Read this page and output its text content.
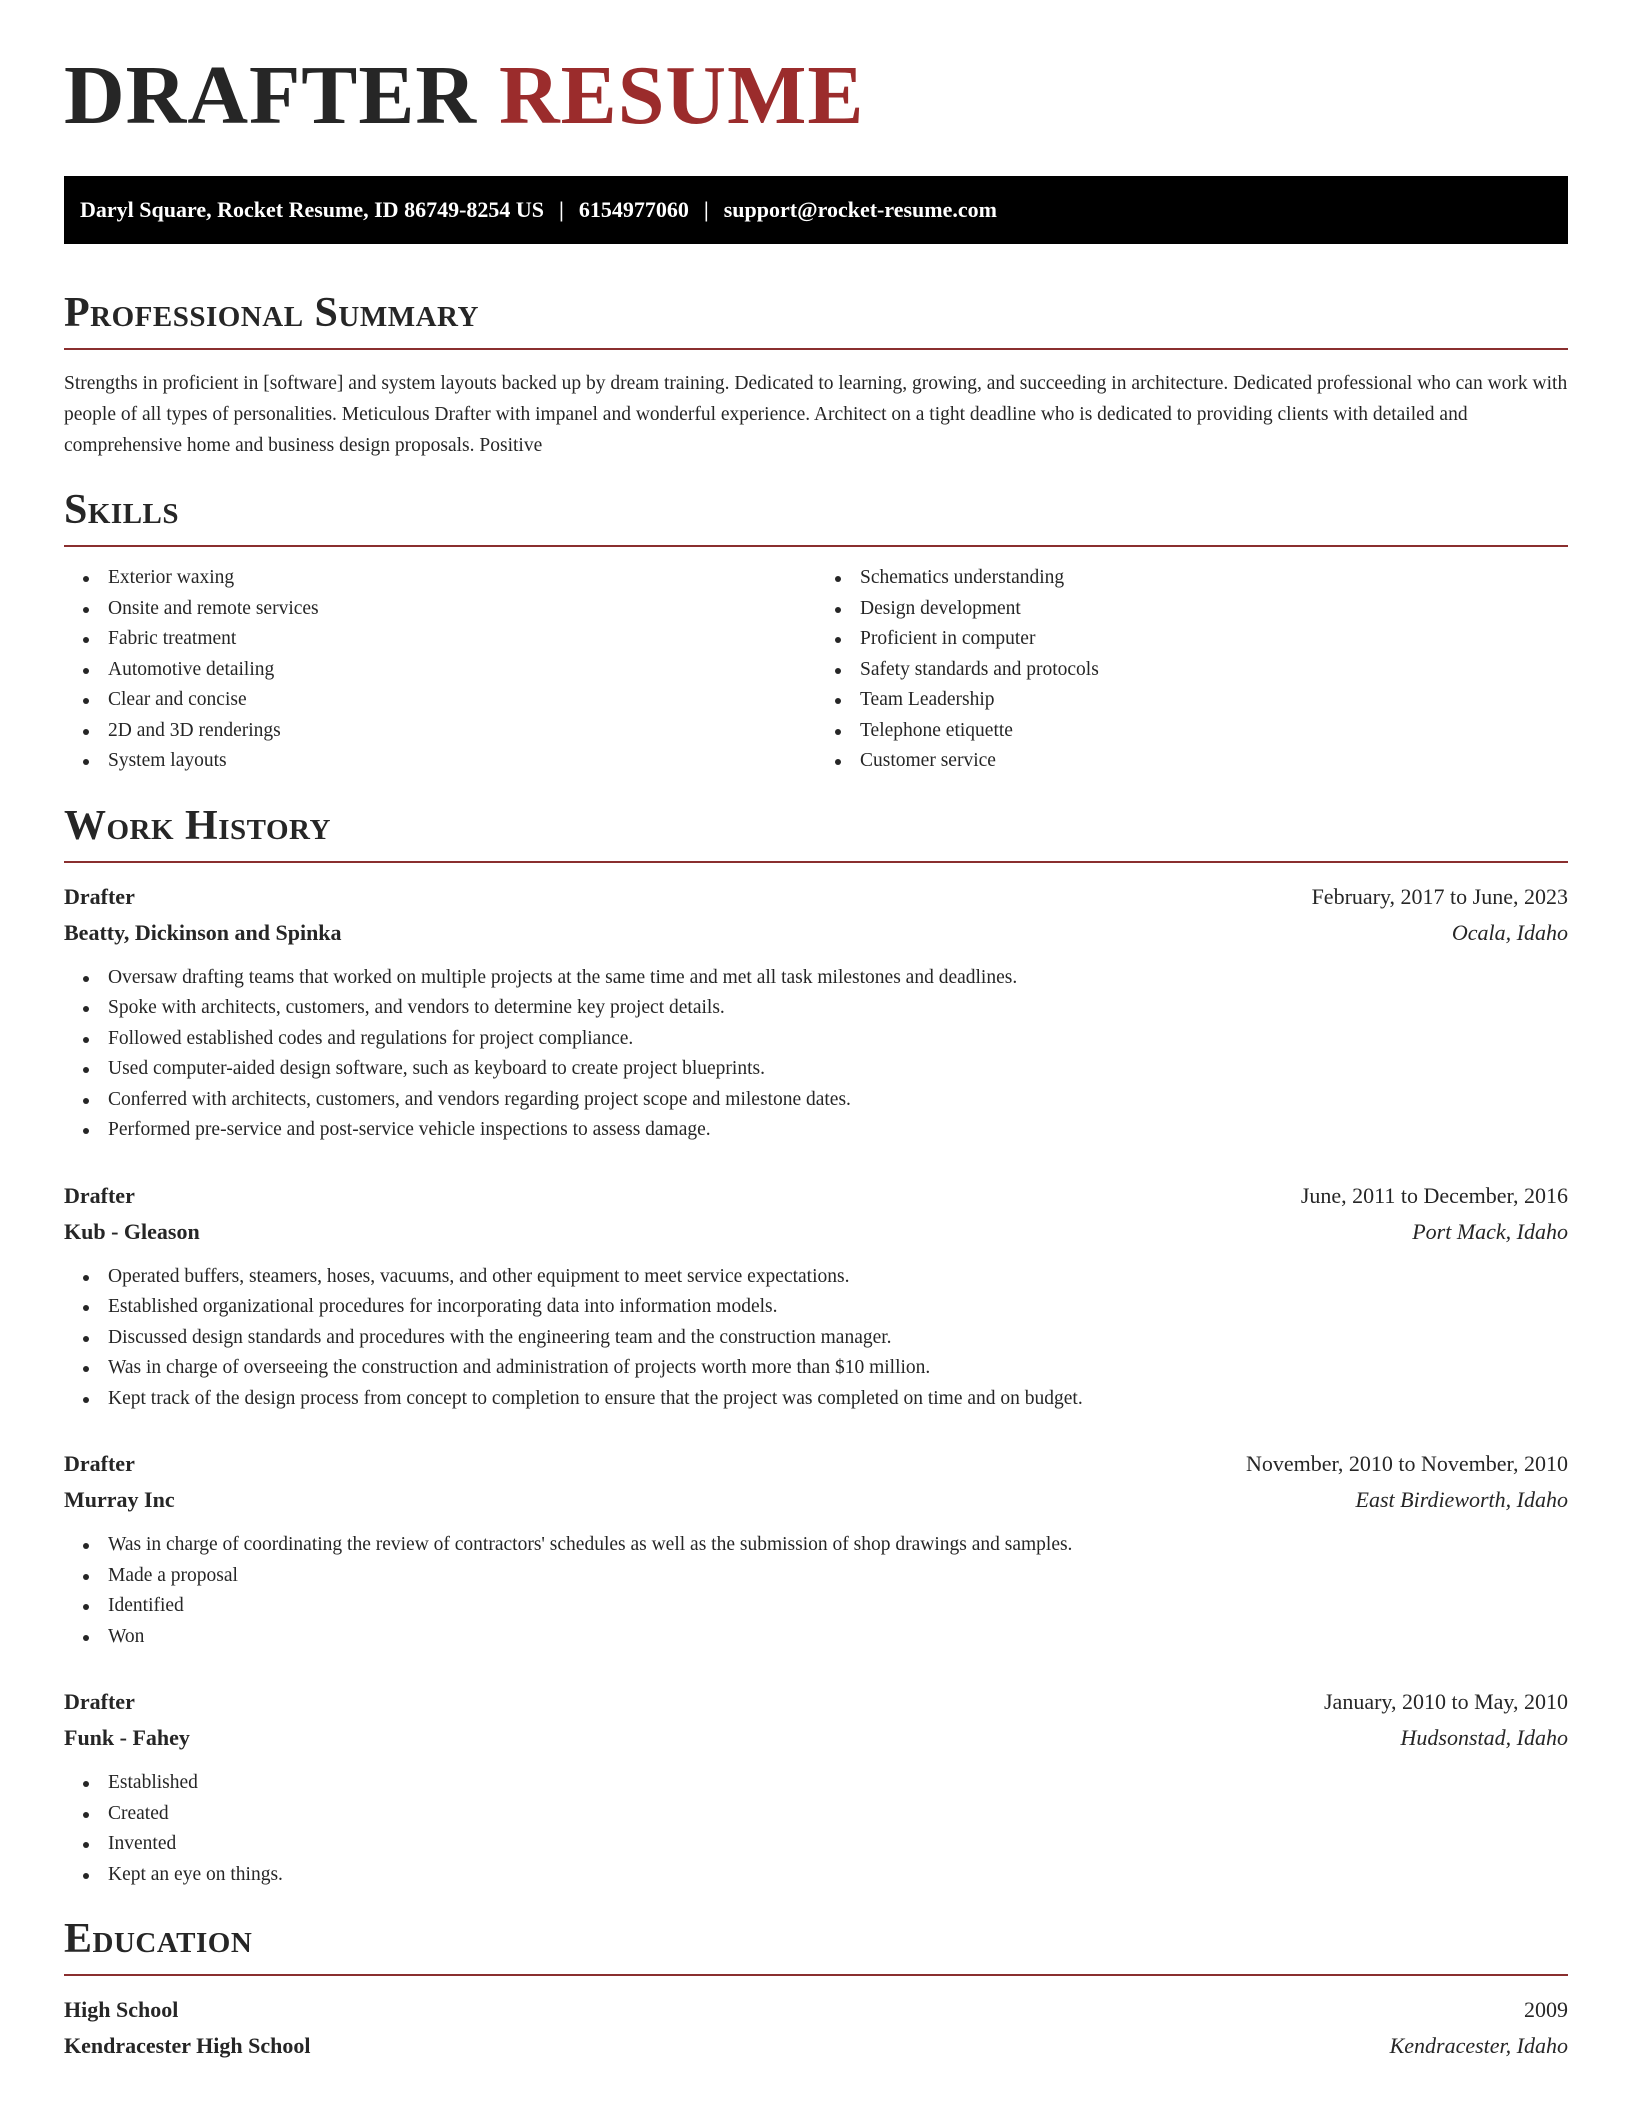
DRAFTER RESUME
Daryl Square, Rocket Resume, ID 86749-8254 US | 6154977060 | support@rocket-resume.com
Professional Summary

Strengths in proficient in [software] and system layouts backed up by dream training. Dedicated to learning, growing, and succeeding in architecture. Dedicated professional who can work with people of all types of personalities. Meticulous Drafter with impanel and wonderful experience. Architect on a tight deadline who is dedicated to providing clients with detailed and comprehensive home and business design proposals. Positive

Skills
Exterior waxing
Onsite and remote services
Fabric treatment
Automotive detailing
Clear and concise
2D and 3D renderings
System layouts
Schematics understanding
Design development
Proficient in computer
Safety standards and protocols
Team Leadership
Telephone etiquette
Customer service
Work History
Drafter	February, 2017 to June, 2023
Beatty, Dickinson and Spinka	Ocala, Idaho
Oversaw drafting teams that worked on multiple projects at the same time and met all task milestones and deadlines.
Spoke with architects, customers, and vendors to determine key project details.
Followed established codes and regulations for project compliance.
Used computer-aided design software, such as keyboard to create project blueprints.
Conferred with architects, customers, and vendors regarding project scope and milestone dates.
Performed pre-service and post-service vehicle inspections to assess damage.
Drafter	June, 2011 to December, 2016
Kub - Gleason	Port Mack, Idaho
Operated buffers, steamers, hoses, vacuums, and other equipment to meet service expectations.
Established organizational procedures for incorporating data into information models.
Discussed design standards and procedures with the engineering team and the construction manager.
Was in charge of overseeing the construction and administration of projects worth more than $10 million.
Kept track of the design process from concept to completion to ensure that the project was completed on time and on budget.
Drafter	November, 2010 to November, 2010
Murray Inc	East Birdieworth, Idaho
Was in charge of coordinating the review of contractors' schedules as well as the submission of shop drawings and samples.
Made a proposal
Identified
Won
Drafter	January, 2010 to May, 2010
Funk - Fahey	Hudsonstad, Idaho
Established
Created
Invented
Kept an eye on things.
Education
High School	2009
Kendracester High School	Kendracester, Idaho
